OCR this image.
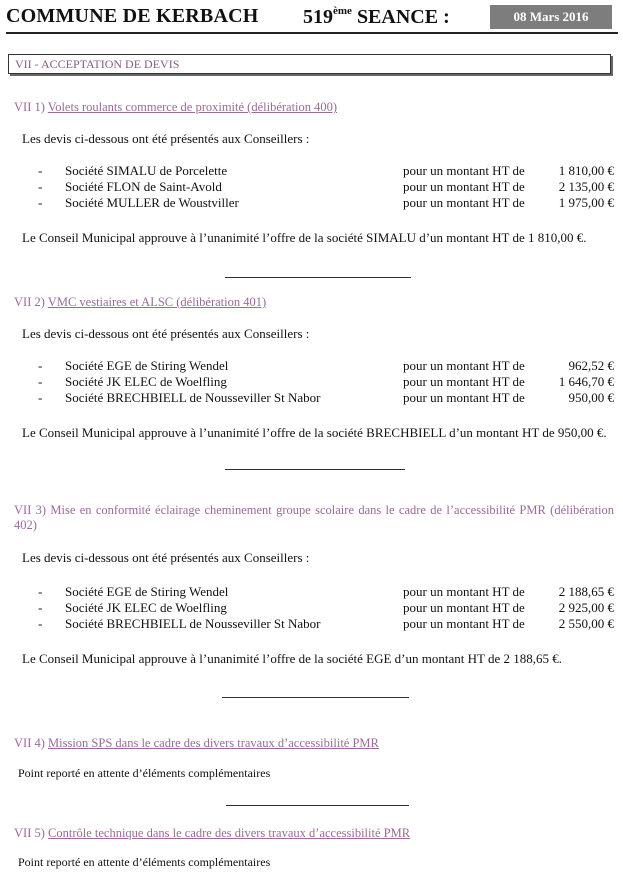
COMMUNE DE KERBACH 519ème SEANCE :	08 Mars 2016
VII - ACCEPTATION DE DEVIS
VII 1) Volets roulants commerce de proximité (délibération 400)
Les devis ci-dessous ont été présentés aux Conseillers :
- Société SIMALU de Porcelette	pour un montant HT de	1 810,00 €
- Société FLON de Saint-Avold	pour un montant HT de	2 135,00 €
- Société MULLER de Woustviller	pour un montant HT de	1 975,00 €
Le Conseil Municipal approuve à l’unanimité l’offre de la société SIMALU d’un montant HT de 1 810,00 €.
VII 2) VMC vestiaires et ALSC (délibération 401)
Les devis ci-dessous ont été présentés aux Conseillers :
- Société EGE de Stiring Wendel	pour un montant HT de	962,52 €
- Société JK ELEC de Woelfling	pour un montant HT de	1 646,70 €
- Société BRECHBIELL de Nousseviller St Nabor	pour un montant HT de	950,00 €
Le Conseil Municipal approuve à l’unanimité l’offre de la société BRECHBIELL d’un montant HT de 950,00 €.
VII 3) Mise en conformité éclairage cheminement groupe scolaire dans le cadre de l’accessibilité PMR (délibération 402)
Les devis ci-dessous ont été présentés aux Conseillers :
- Société EGE de Stiring Wendel	pour un montant HT de	2 188,65 €
- Société JK ELEC de Woelfling	pour un montant HT de	2 925,00 €
- Société BRECHBIELL de Nousseviller St Nabor	pour un montant HT de	2 550,00 €
Le Conseil Municipal approuve à l’unanimité l’offre de la société EGE d’un montant HT de 2 188,65 €.
VII 4) Mission SPS dans le cadre des divers travaux d’accessibilité PMR
Point reporté en attente d’éléments complémentaires
VII 5) Contrôle technique dans le cadre des divers travaux d’accessibilité PMR
Point reporté en attente d’éléments complémentaires
